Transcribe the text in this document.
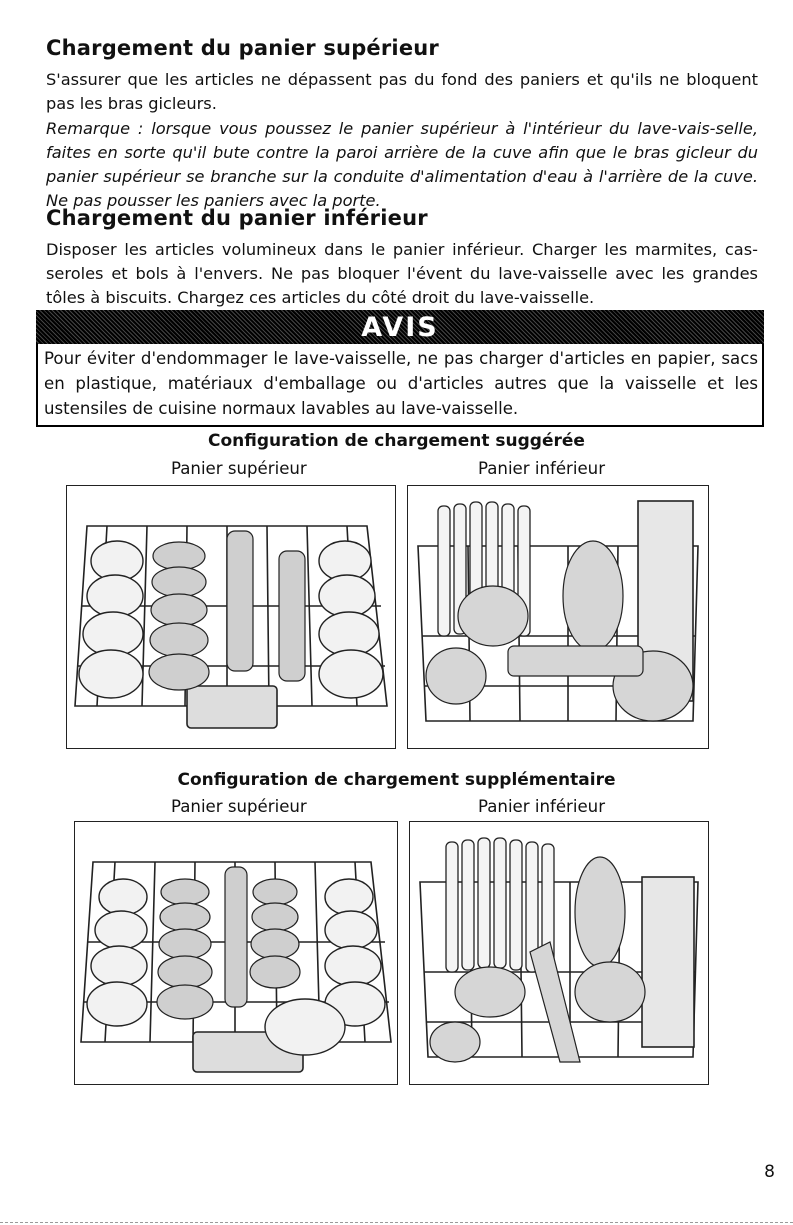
Chargement du panier supérieur

S'assurer que les articles ne dépassent pas du fond des paniers et qu'ils ne bloquent pas les bras gicleurs.

Remarque : lorsque vous poussez le panier supérieur à l'intérieur du lave-vais-selle, faites en sorte qu'il bute contre la paroi arrière de la cuve afin que le bras gicleur du panier supérieur se branche sur la conduite d'alimentation d'eau à l'arrière de la cuve. Ne pas pousser les paniers avec la porte.

Chargement du panier inférieur

Disposer les articles volumineux dans le panier inférieur. Charger les marmites, cas-seroles et bols à l'envers. Ne pas bloquer l'évent du lave-vaisselle avec les grandes tôles à biscuits. Chargez ces articles du côté droit du lave-vaisselle.

AVIS

Pour éviter d'endommager le lave-vaisselle, ne pas charger d'articles en papier, sacs en plastique, matériaux d'emballage ou d'articles autres que la vaisselle et les ustensiles de cuisine normaux lavables au lave-vaisselle.

Configuration de chargement suggérée

Panier supérieur	Panier inférieur

Configuration de chargement supplémentaire

Panier supérieur	Panier inférieur

8
